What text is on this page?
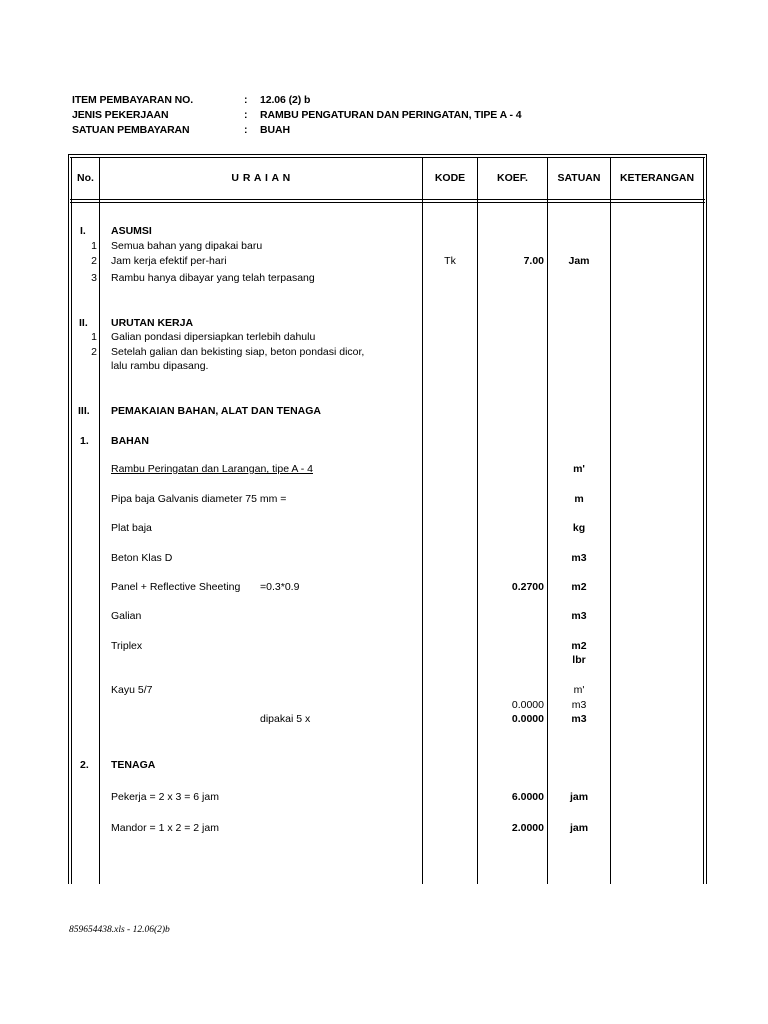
ITEM PEMBAYARAN NO.	: 12.06 (2) b
JENIS PEKERJAAN	: RAMBU PENGATURAN DAN PERINGATAN, TIPE A - 4
SATUAN PEMBAYARAN	: BUAH
No.	U R A I A N	KODE	KOEF.	SATUAN	KETERANGAN
I. ASUMSI
1 Semua bahan yang dipakai baru
2 Jam kerja efektif per-hari	Tk	7.00	Jam
3 Rambu hanya dibayar yang telah terpasang
II. URUTAN KERJA
1 Galian pondasi dipersiapkan terlebih dahulu
2 Setelah galian dan bekisting siap, beton pondasi dicor,
lalu rambu dipasang.
III. PEMAKAIAN BAHAN, ALAT DAN TENAGA
1. BAHAN
Rambu Peringatan dan Larangan, tipe A - 4	m'
Pipa baja Galvanis diameter 75 mm =	m
Plat baja	kg
Beton Klas D	m3
Panel + Reflective Sheeting =0.3*0.9	0.2700	m2
Galian	m3
Triplex	m2
lbr
Kayu 5/7	m'
0.0000	m3
dipakai 5 x	0.0000	m3
2. TENAGA
Pekerja = 2 x 3 = 6 jam	6.0000	jam
Mandor = 1 x 2 = 2 jam	2.0000	jam
859654438.xls - 12.06(2)b
